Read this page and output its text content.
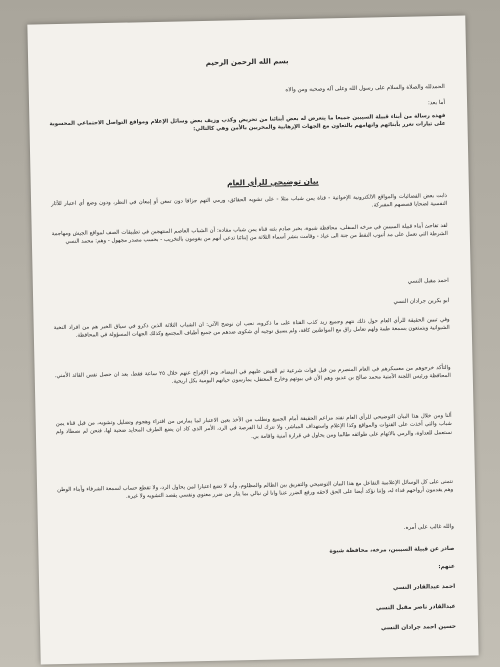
بسم الله الرحمن الرحيم
الحمدلله والصلاة والسلام على رسول الله وعلى آله وصحبه ومن والاه
أما بعد:
فهذه رسالة من أبناء قبيلة السيبين جميعا ما يتعرض له بعض أبنائنا من تحريض وكذب وزيف بعض وسائل الإعلام ومواقع التواصل الاجتماعي المحسوبة على تيارات تغرر بأبنائهم واتهامهم بالتعاون مع الجهات الإرهابية والمخربين بالأمن وهي كالتالي:
بيان توضيحي للرأي العام
ذابت بعض الفضائيات والمواقع الالكترونية الإخوانية - قناة يمن شباب مثلا - على تشويه الحقائق، ورمي التهم جزافا دون تمعن أو إمعان في النظر، ودون وضع أي اعتبار للأثار النفسية لضحايا قصصهم المفبركة.
لقد تفاجئ أبناء قبيلة السيبين في مرخه السفلى، محافظة شبوة، بخبر صادم بثته قناة يمن شباب مفاده: أن الشباب العاصم المنتهجين في تطبيقات الصف لمواقع الجيش ومهاجمة الشرطة التي تعمل على مد أنبوب النفط من جنة الى عياذ - وقامت بنشر أسماء الثلاثة من إبنائنا تدعي أنهم من يقومون بالتخريب - بحسب مصدر مجهول - وهم: محمد النسي
احمد مقبل النسي
ابو بكرين جرادان النسي
وفي تبيين الحقيقة للرأي العام حول ذلك نتهم وجميع زيد كذب القناة على ما ذكروه، نحب ان نوضح الآتي: ان الشباب الثلاثة الذين ذكرو في سياق الخبر هم من افراد النخبة الشبوانية ويتمتعون بسمعة طيبة ولهم تعامل راق مع المواطنين كافة، ولم يسبق توجيه أي شكوى ضدهم من جميع أطياف المجتمع وكذلك الجهات المسؤولة في المحافظة.
والتأكد خرجوهم من معسكرهم في العام المنصرم من قبل قوات شرعية تم القبض عليهم في البيضاء، وتم الإفراج عنهم خلال ٢٥ ساعة فقط، بعد ان حصل نفس القائد الأمني. المحافظة ورئيس اللجنة الأمنية محمد صالح بن عديو، وهم الأن في بيوتهم وخارج المعتقل، يمارسون حياتهم اليومية بكل اريحية.
ألنا ومن خلال هذا البيان التوضيحي للرأي العام نفند مزاعم الحقيقة أمام الجميع ونطلب من الأخذ بعين الاعتبار لما يمارس من افتراء وهجوم وتضليل وتشويه، من قبل قناة يمن شباب والتي أخذت على القنوات والمواقع وكذا الإعلام واستهداف المباشر، ولا تترك لنا الفرصة في الرد، الأمر الذي كاد ان يضع الطرف المحايد ضحية لها، فنحن لم نصطاد ولم نستعمل للعداوة، والرمي بالاتهام على طوائفه طالما ومن يحاول في قرارة أمنية واقامة بي.
نتمنى على كل الوسائل الإعلامية التفاعل مع هذا البيان التوضيحي والتفريق بين الظالم والمظلوم، وأنه لا تضع اعتبارا لمن يحاول الرد، ولا تقطع حساب لسمعة الشرفاء وأبناء الوطن وهم يقدمون أرواحهم فداء له، وإننا نؤكد أيضا على الحق لاحقه ورفع الضرر عننا وانا لن نبالي بما يثار من ضرر معنوي ونفسي يقصد التشويه ولا غيره.
والله غالب على أمره.
صادر عن قبيلة السيبين، مرخه، محافظة شبوة
عنهم:
احمد عبدالقادر النسي
عبدالقادر ناصر مقبل النسي
حسين احمد جرادان النسي
